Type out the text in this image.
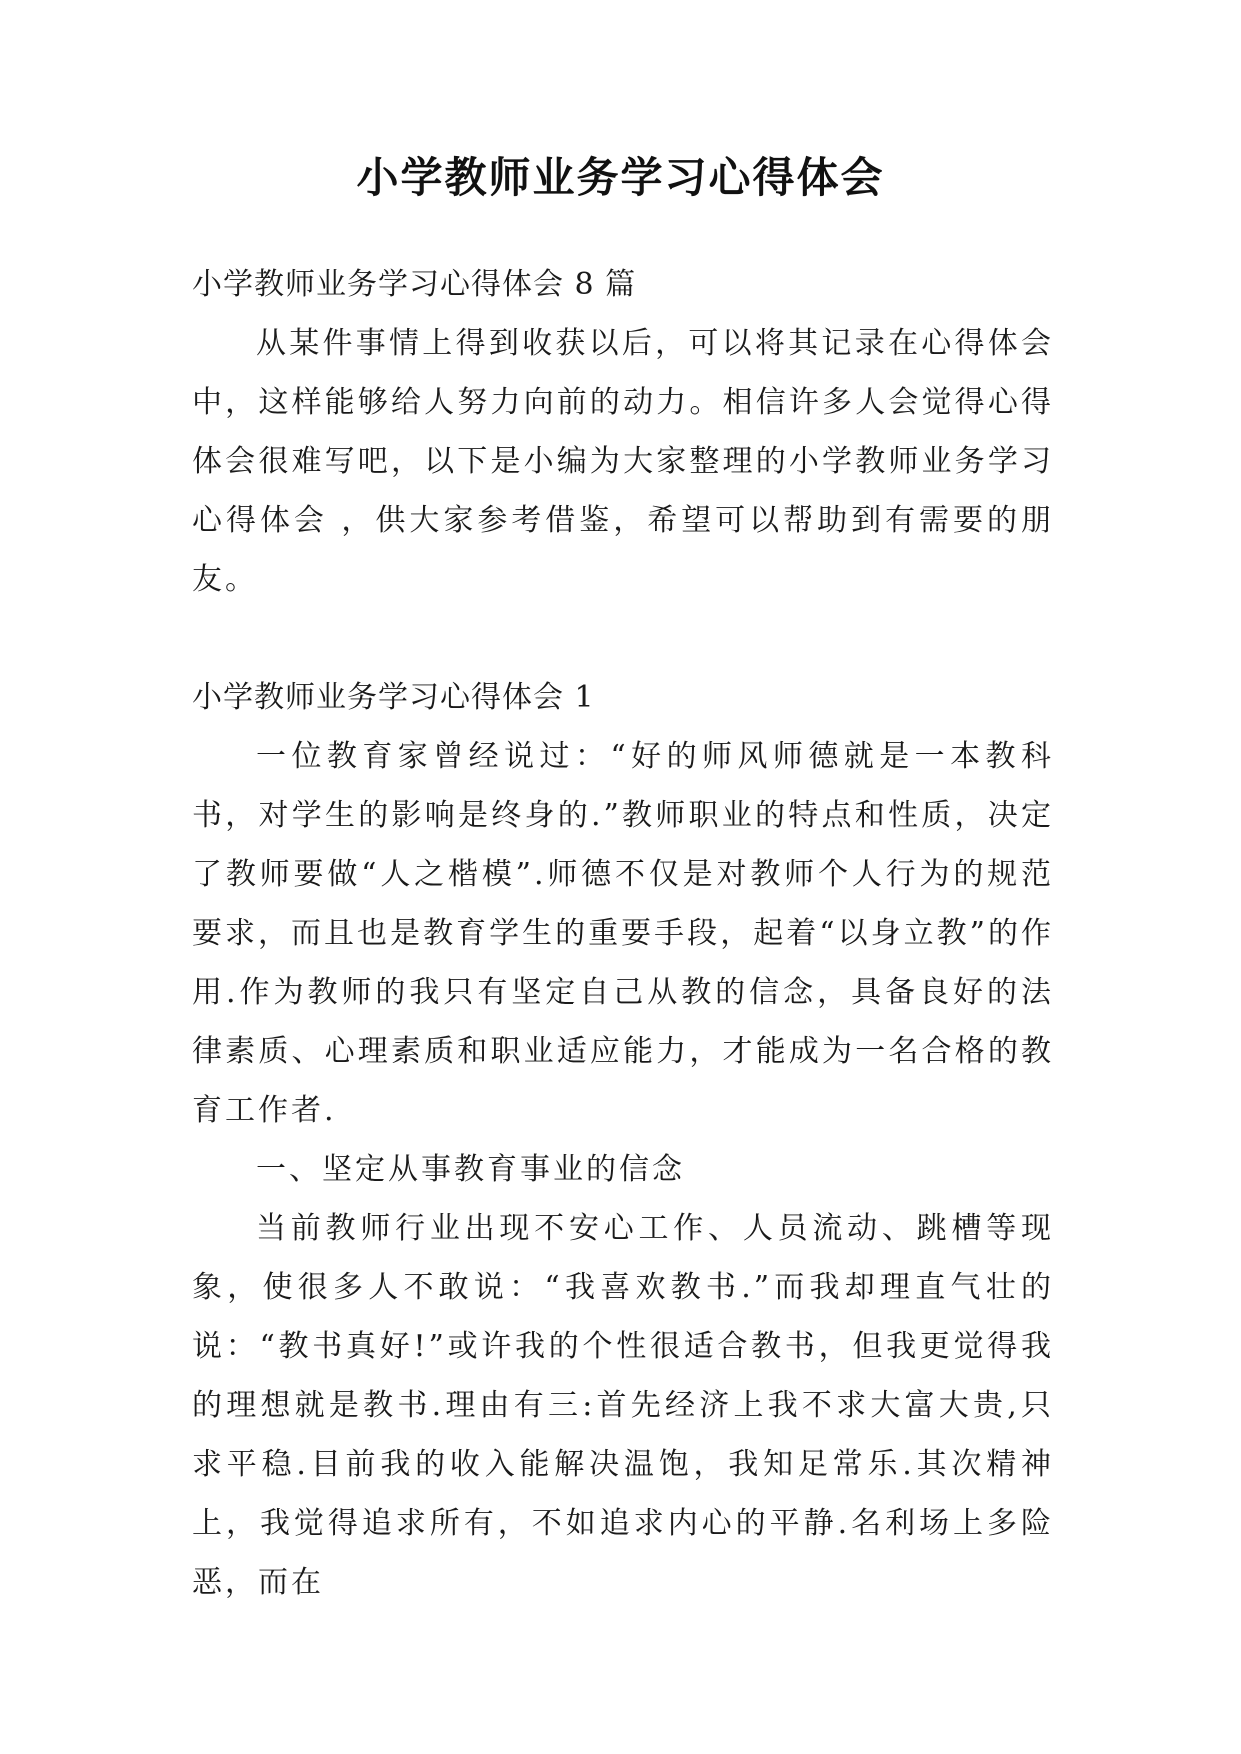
小学教师业务学习心得体会

小学教师业务学习心得体会 8 篇

从某件事情上得到收获以后，可以将其记录在心得体会中，这样能够给人努力向前的动力。相信许多人会觉得心得体会很难写吧，以下是小编为大家整理的小学教师业务学习心得体会 ，供大家参考借鉴，希望可以帮助到有需要的朋友。

小学教师业务学习心得体会 1

一位教育家曾经说过：“好的师风师德就是一本教科书，对学生的影响是终身的.”教师职业的特点和性质，决定了教师要做“人之楷模”.师德不仅是对教师个人行为的规范要求，而且也是教育学生的重要手段，起着“以身立教”的作用.作为教师的我只有坚定自己从教的信念，具备良好的法律素质、心理素质和职业适应能力，才能成为一名合格的教育工作者.

一、坚定从事教育事业的信念

当前教师行业出现不安心工作、人员流动、跳槽等现象，使很多人不敢说：“我喜欢教书.”而我却理直气壮的说：“教书真好!”或许我的个性很适合教书，但我更觉得我的理想就是教书.理由有三:首先经济上我不求大富大贵,只求平稳.目前我的收入能解决温饱，我知足常乐.其次精神上，我觉得追求所有，不如追求内心的平静.名利场上多险恶，而在
